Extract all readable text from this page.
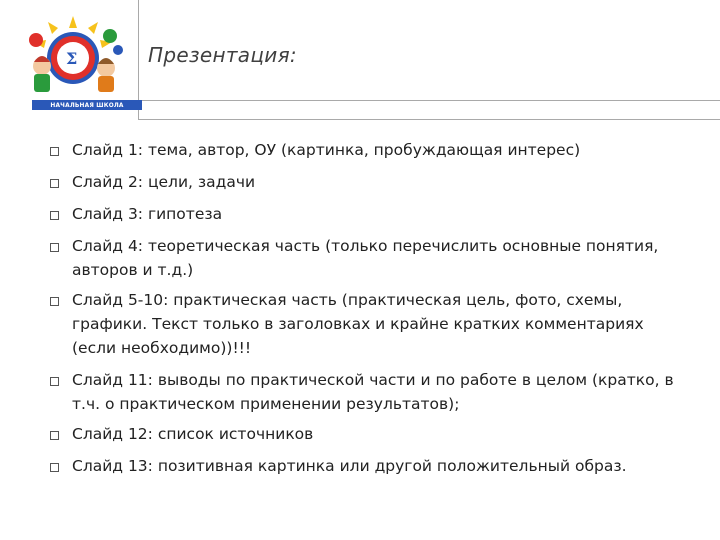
Σ
НАЧАЛЬНАЯ ШКОЛА
Презентация:
Слайд 1: тема, автор, ОУ (картинка, пробуждающая интерес)
Слайд 2: цели, задачи
Слайд 3: гипотеза
Слайд 4: теоретическая часть (только перечислить основные понятия, авторов и т.д.)
Слайд 5-10: практическая часть (практическая цель, фото, схемы, графики. Текст только в заголовках и крайне кратких комментариях (если необходимо))!!!
Слайд 11: выводы по практической части и по работе в целом (кратко, в т.ч. о практическом применении результатов);
Слайд 12: список источников
Слайд 13: позитивная картинка или другой положительный образ.
